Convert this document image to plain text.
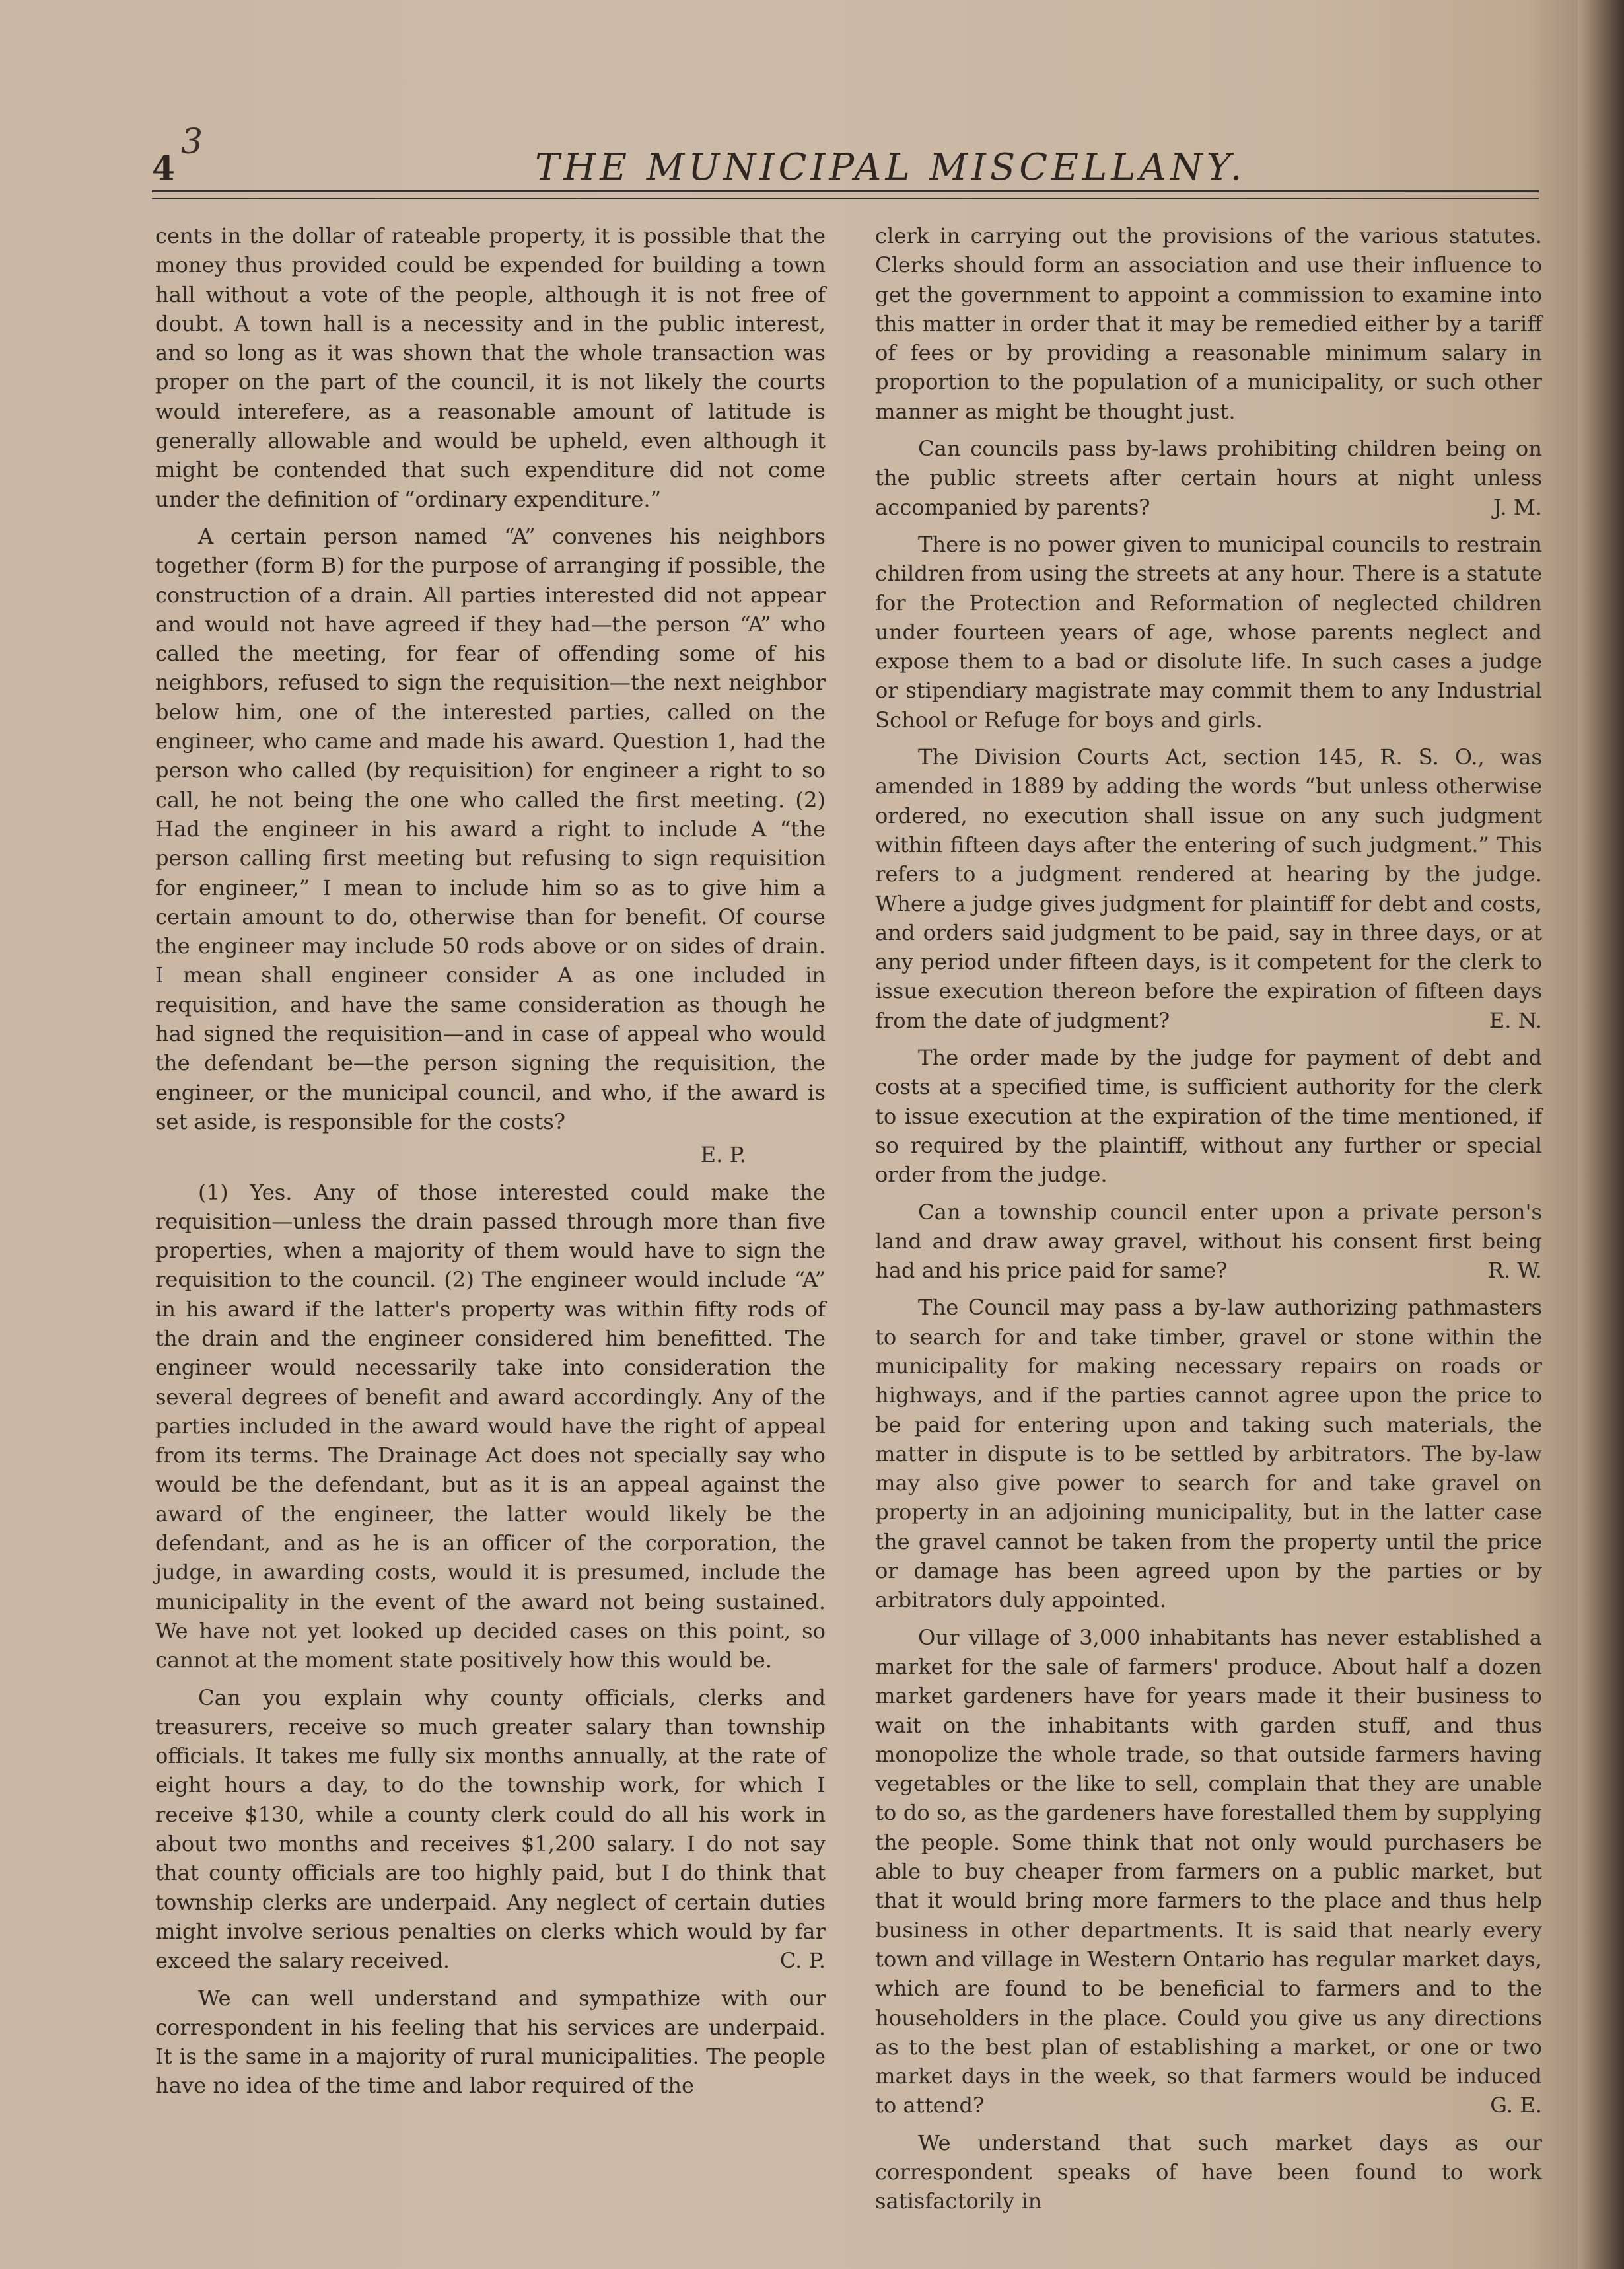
4
3
THE MUNICIPAL MISCELLANY.

cents in the dollar of rateable property, it is possible that the money thus provided could be expended for building a town hall without a vote of the people, although it is not free of doubt. A town hall is a necessity and in the public interest, and so long as it was shown that the whole transaction was proper on the part of the council, it is not likely the courts would interefere, as a reasonable amount of latitude is generally allowable and would be upheld, even although it might be contended that such expenditure did not come under the definition of “ordinary expenditure.”

A certain person named “A” convenes his neighbors together (form B) for the purpose of arranging if possible, the construction of a drain. All parties interested did not appear and would not have agreed if they had—the person “A” who called the meeting, for fear of offending some of his neighbors, refused to sign the requisition—the next neighbor below him, one of the interested parties, called on the engineer, who came and made his award. Question 1, had the person who called (by requisition) for engineer a right to so call, he not being the one who called the first meeting. (2) Had the engineer in his award a right to include A “the person calling first meeting but refusing to sign requisition for engineer,” I mean to include him so as to give him a certain amount to do, otherwise than for benefit. Of course the engineer may include 50 rods above or on sides of drain. I mean shall engineer consider A as one included in requisition, and have the same consideration as though he had signed the requisition—and in case of appeal who would the defendant be—the person signing the requisition, the engineer, or the municipal council, and who, if the award is set aside, is responsible for the costs?

E. P.

(1) Yes. Any of those interested could make the requisition—unless the drain passed through more than five properties, when a majority of them would have to sign the requisition to the council. (2) The engineer would include “A” in his award if the latter's property was within fifty rods of the drain and the engineer considered him benefitted. The engineer would necessarily take into consideration the several degrees of benefit and award accordingly. Any of the parties included in the award would have the right of appeal from its terms. The Drainage Act does not specially say who would be the defendant, but as it is an appeal against the award of the engineer, the latter would likely be the defendant, and as he is an officer of the corporation, the judge, in awarding costs, would it is presumed, include the municipality in the event of the award not being sustained. We have not yet looked up decided cases on this point, so cannot at the moment state positively how this would be.

Can you explain why county officials, clerks and treasurers, receive so much greater salary than township officials. It takes me fully six months annually, at the rate of eight hours a day, to do the township work, for which I receive $130, while a county clerk could do all his work in about two months and receives $1,200 salary. I do not say that county officials are too highly paid, but I do think that township clerks are underpaid. Any neglect of certain duties might involve serious penalties on clerks which would by far exceed the salary received.	C. P.

We can well understand and sympathize with our correspondent in his feeling that his services are underpaid. It is the same in a majority of rural municipalities. The people have no idea of the time and labor required of the

clerk in carrying out the provisions of the various statutes. Clerks should form an association and use their influence to get the government to appoint a commission to examine into this matter in order that it may be remedied either by a tariff of fees or by providing a reasonable minimum salary in proportion to the population of a municipality, or such other manner as might be thought just.

Can councils pass by-laws prohibiting children being on the public streets after certain hours at night unless accompanied by parents?	J. M.

There is no power given to municipal councils to restrain children from using the streets at any hour. There is a statute for the Protection and Reformation of neglected children under fourteen years of age, whose parents neglect and expose them to a bad or disolute life. In such cases a judge or stipendiary magistrate may commit them to any Industrial School or Refuge for boys and girls.

The Division Courts Act, section 145, R. S. O., was amended in 1889 by adding the words “but unless otherwise ordered, no execution shall issue on any such judgment within fifteen days after the entering of such judgment.” This refers to a judgment rendered at hearing by the judge. Where a judge gives judgment for plaintiff for debt and costs, and orders said judgment to be paid, say in three days, or at any period under fifteen days, is it competent for the clerk to issue execution thereon before the expiration of fifteen days from the date of judgment?	E. N.

The order made by the judge for payment of debt and costs at a specified time, is sufficient authority for the clerk to issue execution at the expiration of the time mentioned, if so required by the plaintiff, without any further or special order from the judge.

Can a township council enter upon a private person's land and draw away gravel, without his consent first being had and his price paid for same?	R. W.

The Council may pass a by-law authorizing pathmasters to search for and take timber, gravel or stone within the municipality for making necessary repairs on roads or highways, and if the parties cannot agree upon the price to be paid for entering upon and taking such materials, the matter in dispute is to be settled by arbitrators. The by-law may also give power to search for and take gravel on property in an adjoining municipality, but in the latter case the gravel cannot be taken from the property until the price or damage has been agreed upon by the parties or by arbitrators duly appointed.

Our village of 3,000 inhabitants has never established a market for the sale of farmers' produce. About half a dozen market gardeners have for years made it their business to wait on the inhabitants with garden stuff, and thus monopolize the whole trade, so that outside farmers having vegetables or the like to sell, complain that they are unable to do so, as the gardeners have forestalled them by supplying the people. Some think that not only would purchasers be able to buy cheaper from farmers on a public market, but that it would bring more farmers to the place and thus help business in other departments. It is said that nearly every town and village in Western Ontario has regular market days, which are found to be beneficial to farmers and to the householders in the place. Could you give us any directions as to the best plan of establishing a market, or one or two market days in the week, so that farmers would be induced to attend?	G. E.

We understand that such market days as our correspondent speaks of have been found to work satisfactorily in
